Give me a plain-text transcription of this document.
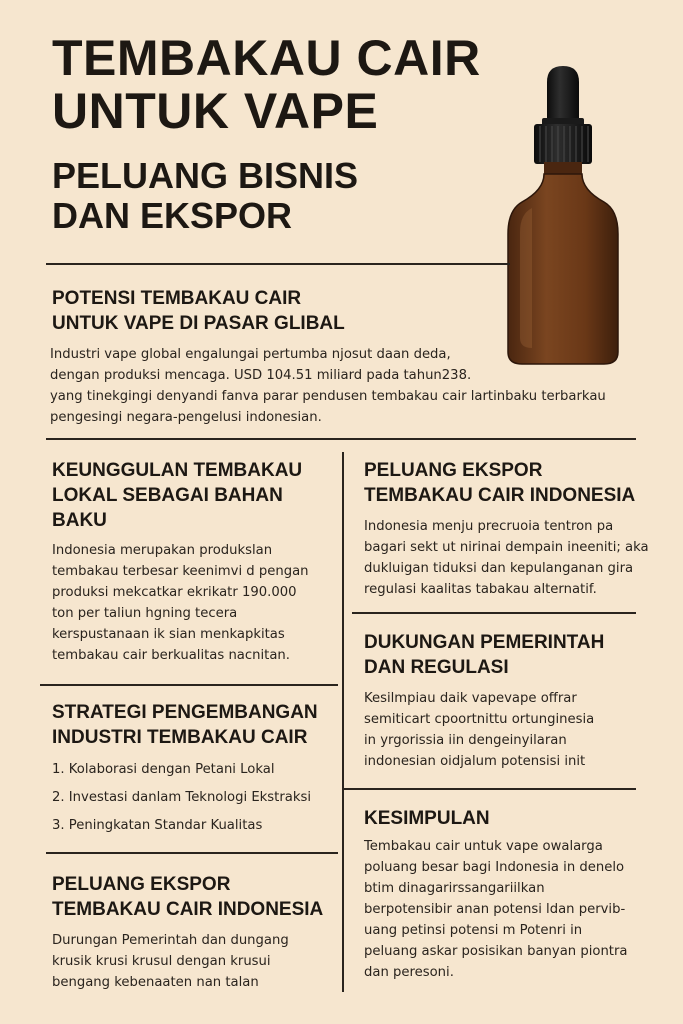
TEMBAKAU CAIR
UNTUK VAPE
PELUANG BISNIS
DAN EKSPOR
POTENSI TEMBAKAU CAIR
UNTUK VAPE DI PASAR GLIBAL
Industri vape global engalungai pertumba njosut daan deda,
dengan produksi mencaga. USD 104.51 miliard pada tahun238.
yang tinekgingi denyandi fanva parar pendusen tembakau cair lartinbaku terbarkau
pengesingi negara-pengelusi indonesian.
KEUNGGULAN TEMBAKAU
LOKAL SEBAGAI BAHAN
BAKU
Indonesia merupakan produkslan
tembakau terbesar keenimvi d pengan
produksi mekcatkar ekrikatr 190.000
ton per taliun hgning tecera
kerspustanaan ik sian menkapkitas
tembakau cair berkualitas nacnitan.
STRATEGI PENGEMBANGAN
INDUSTRI TEMBAKAU CAIR
1. Kolaborasi dengan Petani Lokal
2. Investasi danlam Teknologi Ekstraksi
3. Peningkatan Standar Kualitas
PELUANG EKSPOR
TEMBAKAU CAIR INDONESIA
Durungan Pemerintah dan dungang
krusik krusi krusul dengan krusui
bengang kebenaaten nan talan
PELUANG EKSPOR
TEMBAKAU CAIR INDONESIA
Indonesia menju precruoia tentron pa
bagari sekt ut nirinai dempain ineeniti; aka
dukluigan tiduksi dan kepulanganan gira
regulasi kaalitas tabakau alternatif.
DUKUNGAN PEMERINTAH
DAN REGULASI
Kesilmpiau daik vapevape offrar
semiticart cpoortnittu ortunginesia
in yrgorissia iin dengeinyilaran
indonesian oidjalum potensisi init
KESIMPULAN
Tembakau cair untuk vape owalarga
poluang besar bagi Indonesia in denelo
btim dinagarirssangariilkan
berpotensibir anan potensi ldan pervib-
uang petinsi potensi m Potenri in
peluang askar posisikan banyan piontra
dan peresoni.
